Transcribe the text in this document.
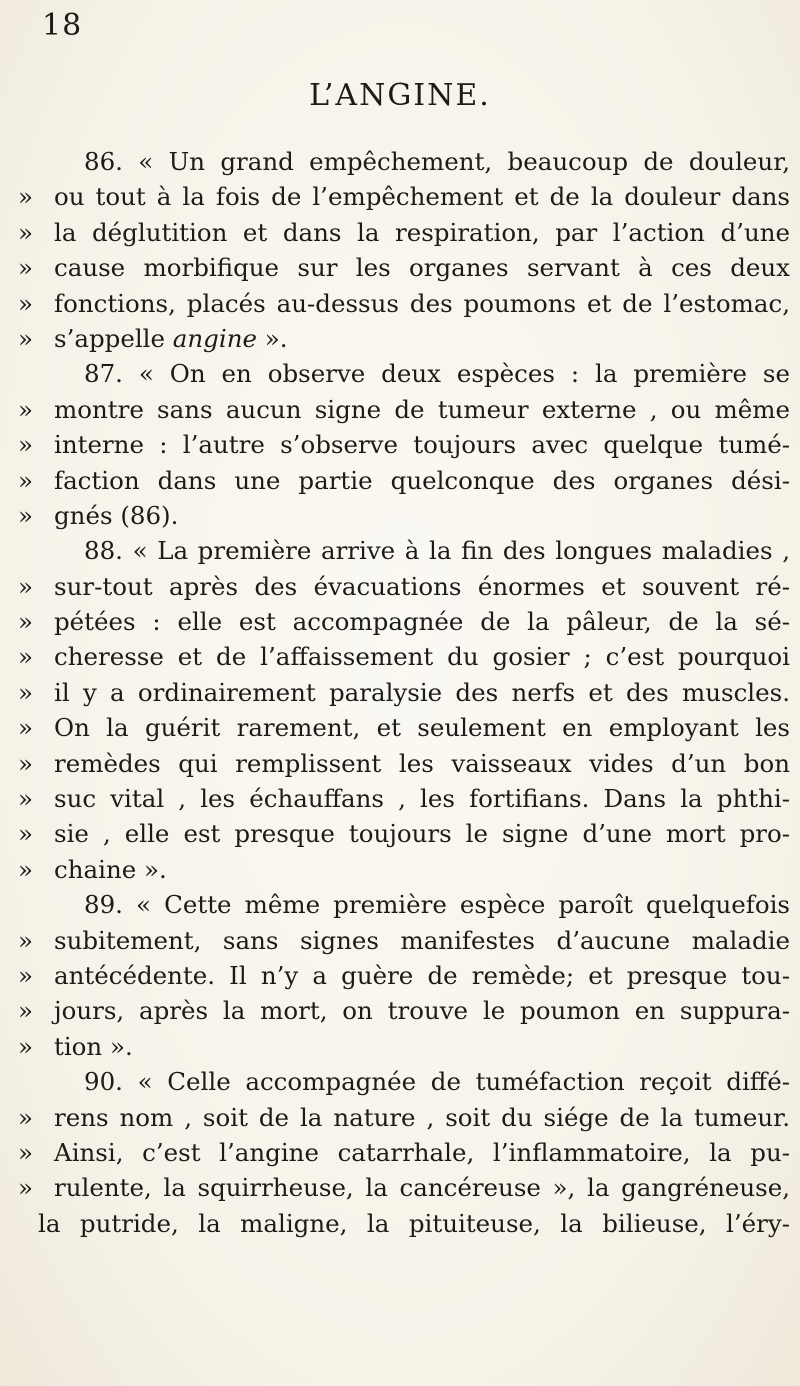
18
L’ANGINE.
86. « Un grand empêchement, beaucoup de douleur,
» ou tout à la fois de l’empêchement et de la douleur dans
» la déglutition et dans la respiration, par l’action d’une
» cause morbifique sur les organes servant à ces deux
» fonctions, placés au-dessus des poumons et de l’estomac,
» s’appelle angine ».
87. « On en observe deux espèces : la première se
» montre sans aucun signe de tumeur externe , ou même
» interne : l’autre s’observe toujours avec quelque tumé-
» faction dans une partie quelconque des organes dési-
» gnés (86).
88. « La première arrive à la fin des longues maladies ,
» sur-tout après des évacuations énormes et souvent ré-
» pétées : elle est accompagnée de la pâleur, de la sé-
» cheresse et de l’affaissement du gosier ; c’est pourquoi
» il y a ordinairement paralysie des nerfs et des muscles.
» On la guérit rarement, et seulement en employant les
» remèdes qui remplissent les vaisseaux vides d’un bon
» suc vital , les échauffans , les fortifians. Dans la phthi-
» sie , elle est presque toujours le signe d’une mort pro-
» chaine ».
89. « Cette même première espèce paroît quelquefois
» subitement, sans signes manifestes d’aucune maladie
» antécédente. Il n’y a guère de remède; et presque tou-
» jours, après la mort, on trouve le poumon en suppura-
» tion ».
90. « Celle accompagnée de tuméfaction reçoit diffé-
» rens nom , soit de la nature , soit du siége de la tumeur.
» Ainsi, c’est l’angine catarrhale, l’inflammatoire, la pu-
» rulente, la squirrheuse, la cancéreuse », la gangréneuse,
la putride, la maligne, la pituiteuse, la bilieuse, l’éry-
